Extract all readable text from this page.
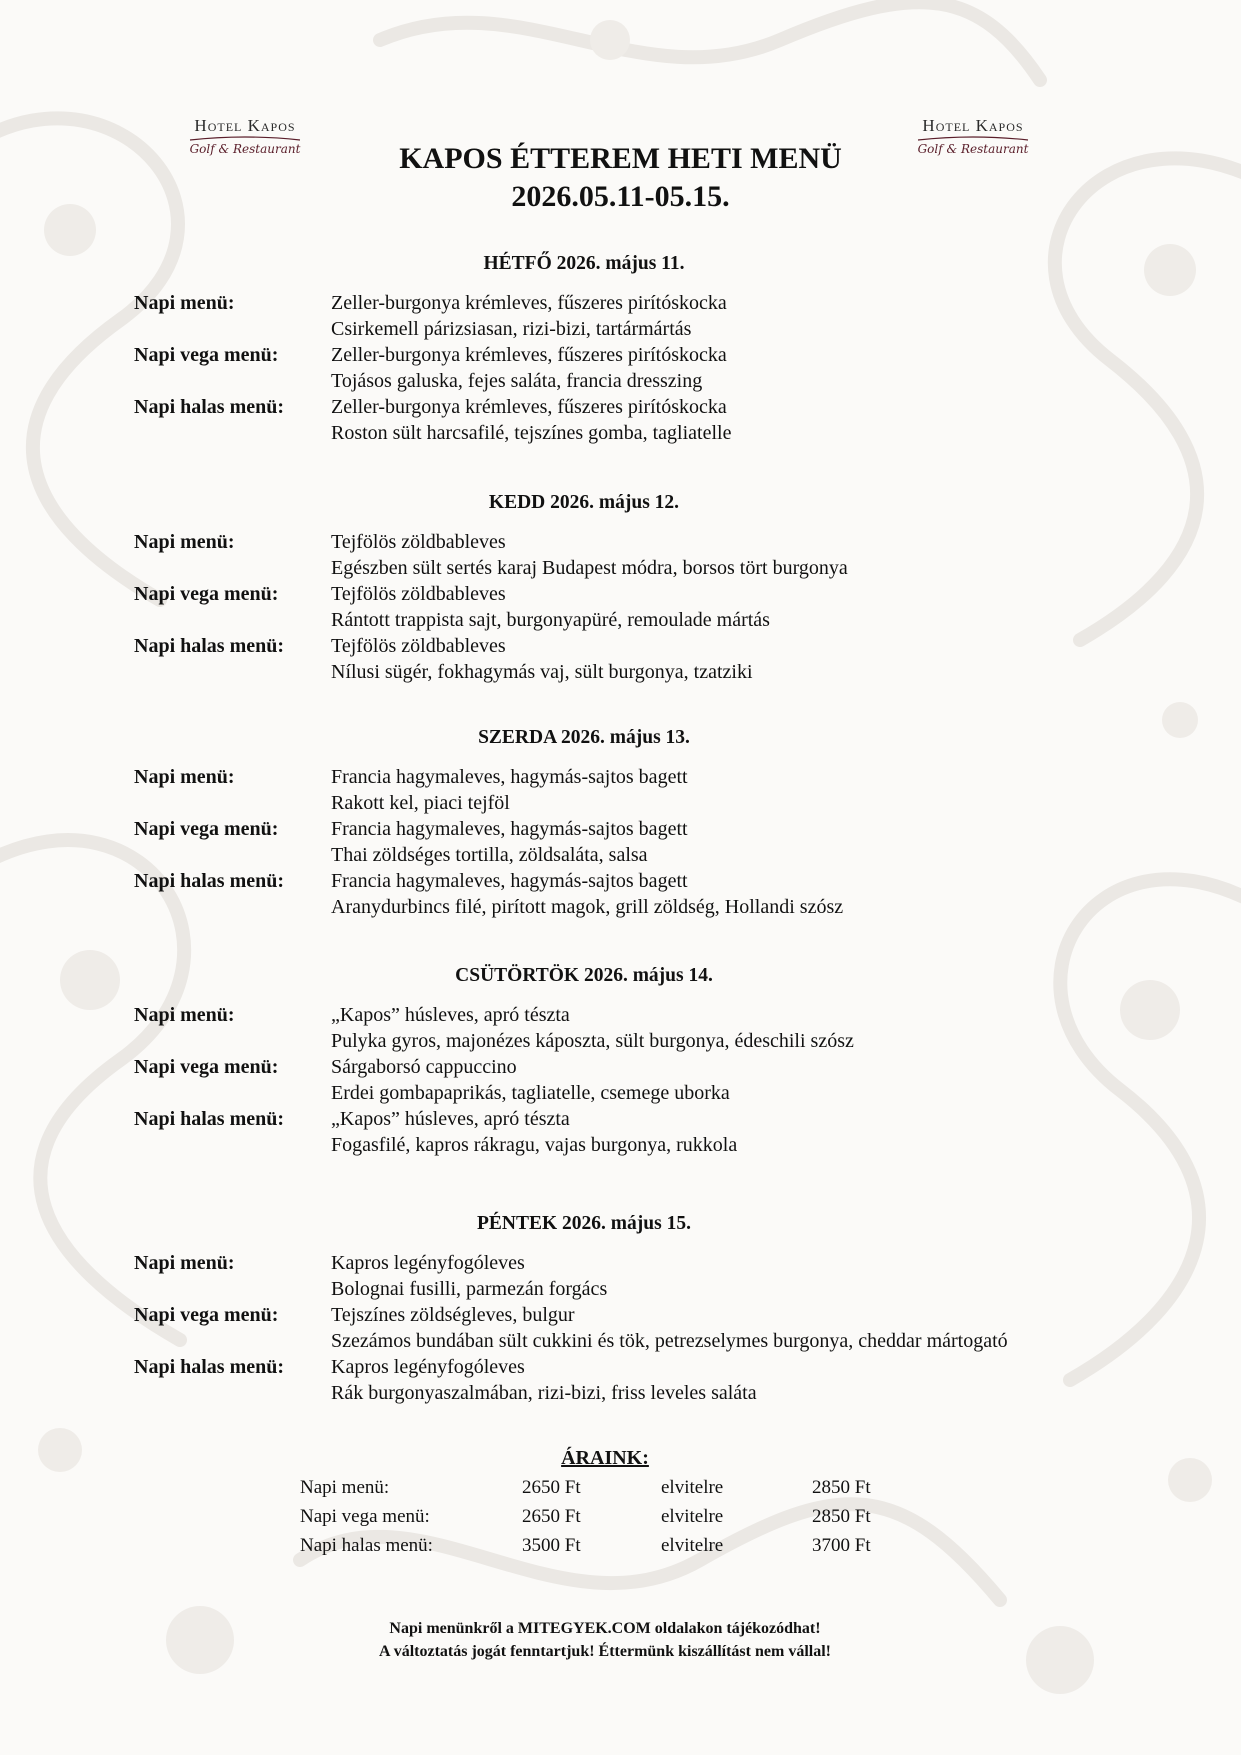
Hotel Kapos
Golf & Restaurant
Hotel Kapos
Golf & Restaurant
KAPOS ÉTTEREM HETI MENÜ
2026.05.11-05.15.
HÉTFŐ 2026. május 11.
Napi menü:	Zeller-burgonya krémleves, fűszeres pirítóskocka
Csirkemell párizsiasan, rizi-bizi, tartármártás
Napi vega menü:	Zeller-burgonya krémleves, fűszeres pirítóskocka
Tojásos galuska, fejes saláta, francia dresszing
Napi halas menü: Zeller-burgonya krémleves, fűszeres pirítóskocka
Roston sült harcsafilé, tejszínes gomba, tagliatelle
KEDD 2026. május 12.
Napi menü:	Tejfölös zöldbableves
Egészben sült sertés karaj Budapest módra, borsos tört burgonya
Napi vega menü:	Tejfölös zöldbableves
Rántott trappista sajt, burgonyapüré, remoulade mártás
Napi halas menü: Tejfölös zöldbableves
Nílusi sügér, fokhagymás vaj, sült burgonya, tzatziki
SZERDA 2026. május 13.
Napi menü:	Francia hagymaleves, hagymás-sajtos bagett
Rakott kel, piaci tejföl
Napi vega menü:	Francia hagymaleves, hagymás-sajtos bagett
Thai zöldséges tortilla, zöldsaláta, salsa
Napi halas menü: Francia hagymaleves, hagymás-sajtos bagett
Aranydurbincs filé, pirított magok, grill zöldség, Hollandi szósz
CSÜTÖRTÖK 2026. május 14.
Napi menü:	„Kapos” húsleves, apró tészta
Pulyka gyros, majonézes káposzta, sült burgonya, édeschili szósz
Napi vega menü:	Sárgaborsó cappuccino
Erdei gombapaprikás, tagliatelle, csemege uborka
Napi halas menü: „Kapos” húsleves, apró tészta
Fogasfilé, kapros rákragu, vajas burgonya, rukkola
PÉNTEK 2026. május 15.
Napi menü:	Kapros legényfogóleves
Bolognai fusilli, parmezán forgács
Napi vega menü:	Tejszínes zöldségleves, bulgur
Szezámos bundában sült cukkini és tök, petrezselymes burgonya, cheddar mártogató
Napi halas menü: Kapros legényfogóleves
Rák burgonyaszalmában, rizi-bizi, friss leveles saláta
ÁRAINK:
Napi menü:	2650 Ft	elvitelre	2850 Ft
Napi vega menü:	2650 Ft	elvitelre	2850 Ft
Napi halas menü:	3500 Ft	elvitelre	3700 Ft
Napi menünkről a MITEGYEK.COM oldalakon tájékozódhat!
A változtatás jogát fenntartjuk! Éttermünk kiszállítást nem vállal!
